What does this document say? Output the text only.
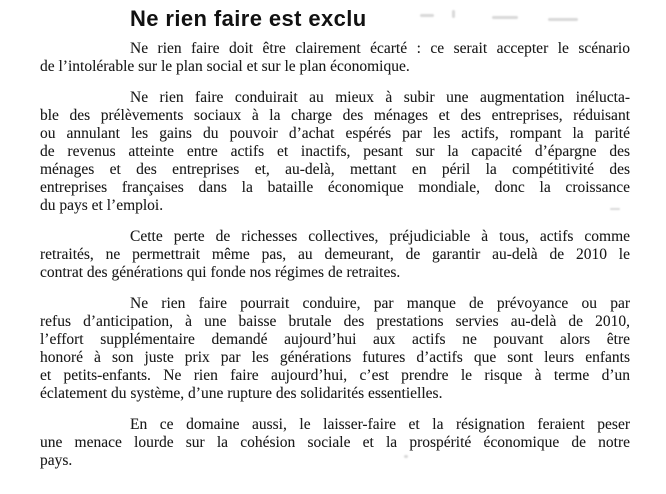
Ne rien faire est exclu

Ne rien faire doit être clairement écarté : ce serait accepter le scénario
de l’intolérable sur le plan social et sur le plan économique.

Ne rien faire conduirait au mieux à subir une augmentation inélucta-
ble des prélèvements sociaux à la charge des ménages et des entreprises, réduisant
ou annulant les gains du pouvoir d’achat espérés par les actifs, rompant la parité
de revenus atteinte entre actifs et inactifs, pesant sur la capacité d’épargne des
ménages et des entreprises et, au-delà, mettant en péril la compétitivité des
entreprises françaises dans la bataille économique mondiale, donc la croissance
du pays et l’emploi.

Cette perte de richesses collectives, préjudiciable à tous, actifs comme
retraités, ne permettrait même pas, au demeurant, de garantir au-delà de 2010 le
contrat des générations qui fonde nos régimes de retraites.

Ne rien faire pourrait conduire, par manque de prévoyance ou par
refus d’anticipation, à une baisse brutale des prestations servies au-delà de 2010,
l’effort supplémentaire demandé aujourd’hui aux actifs ne pouvant alors être
honoré à son juste prix par les générations futures d’actifs que sont leurs enfants
et petits-enfants. Ne rien faire aujourd’hui, c’est prendre le risque à terme d’un
éclatement du système, d’une rupture des solidarités essentielles.

En ce domaine aussi, le laisser-faire et la résignation feraient peser
une menace lourde sur la cohésion sociale et la prospérité économique de notre
pays.
